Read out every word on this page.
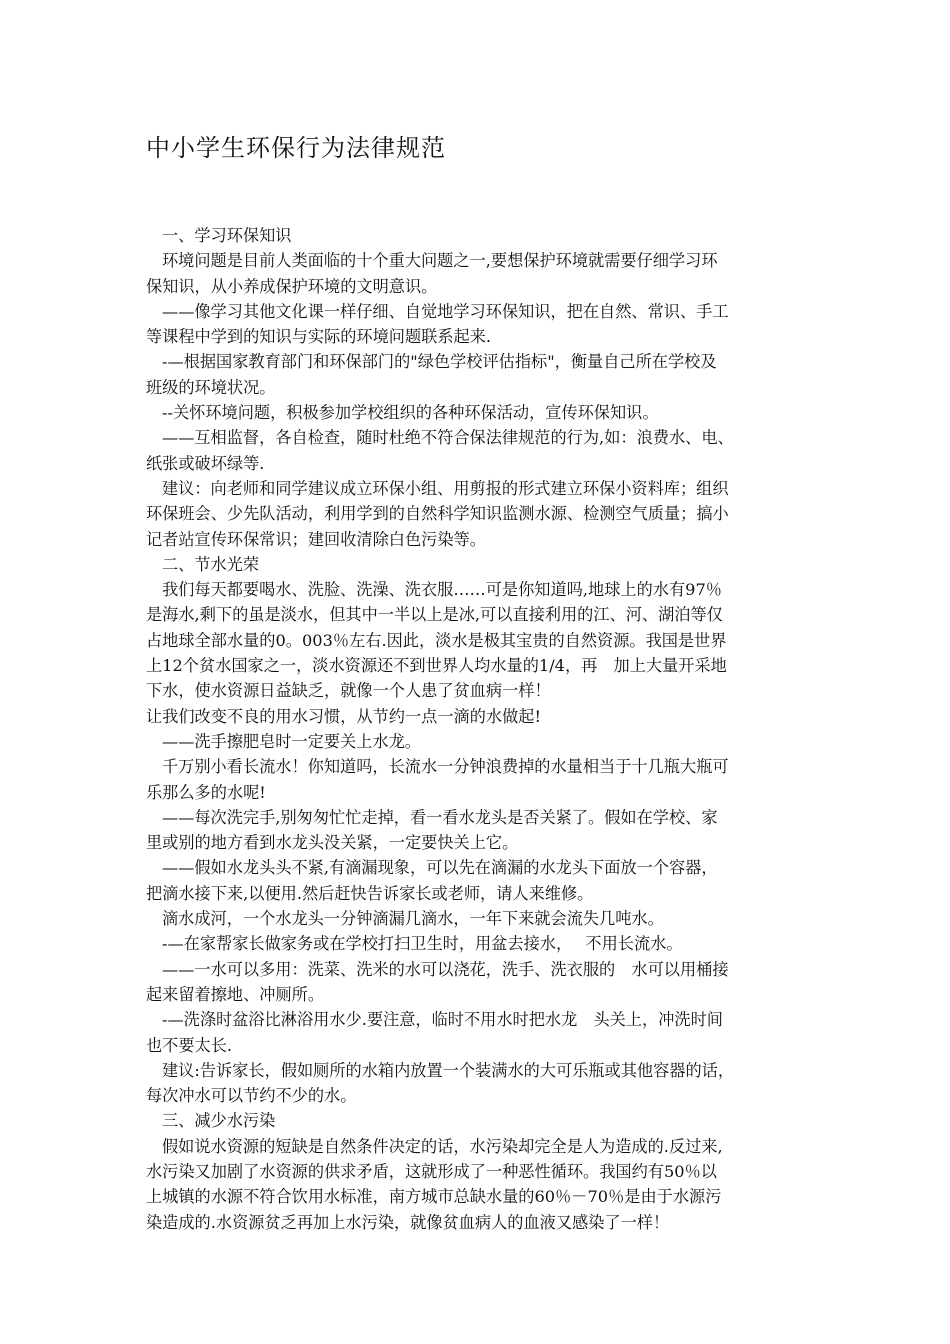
中小学生环保行为法律规范
一、学习环保知识
环境问题是目前人类面临的十个重大问题之一,要想保护环境就需要仔细学习环
保知识，从小养成保护环境的文明意识。
——像学习其他文化课一样仔细、自觉地学习环保知识，把在自然、常识、手工
等课程中学到的知识与实际的环境问题联系起来.
-—根据国家教育部门和环保部门的"绿色学校评估指标"，衡量自己所在学校及
班级的环境状况。
--关怀环境问题，积极参加学校组织的各种环保活动，宣传环保知识。
——互相监督，各自检查，随时杜绝不符合保法律规范的行为,如：浪费水、电、
纸张或破坏绿等.
建议：向老师和同学建议成立环保小组、用剪报的形式建立环保小资料库；组织
环保班会、少先队活动，利用学到的自然科学知识监测水源、检测空气质量；搞小
记者站宣传环保常识；建回收清除白色污染等。
二、节水光荣
我们每天都要喝水、洗脸、洗澡、洗衣服……可是你知道吗,地球上的水有97％
是海水,剩下的虽是淡水，但其中一半以上是冰,可以直接利用的江、河、湖泊等仅
占地球全部水量的0。003％左右.因此，淡水是极其宝贵的自然资源。我国是世界
上12个贫水国家之一，淡水资源还不到世界人均水量的1/4，再　加上大量开采地
下水，使水资源日益缺乏，就像一个人患了贫血病一样！
让我们改变不良的用水习惯，从节约一点一滴的水做起!
——洗手擦肥皂时一定要关上水龙。
千万别小看长流水！你知道吗，长流水一分钟浪费掉的水量相当于十几瓶大瓶可
乐那么多的水呢!
——每次洗完手,别匆匆忙忙走掉，看一看水龙头是否关紧了。假如在学校、家
里或别的地方看到水龙头没关紧，一定要快关上它。
——假如水龙头头不紧,有滴漏现象，可以先在滴漏的水龙头下面放一个容器，
把滴水接下来,以便用.然后赶快告诉家长或老师，请人来维修。
滴水成河，一个水龙头一分钟滴漏几滴水，一年下来就会流失几吨水。
-—在家帮家长做家务或在学校打扫卫生时，用盆去接水，　 不用长流水。
——一水可以多用：洗菜、洗米的水可以浇花，洗手、洗衣服的　水可以用桶接
起来留着擦地、冲厕所。
-—洗涤时盆浴比淋浴用水少.要注意，临时不用水时把水龙　头关上，冲洗时间
也不要太长.
建议:告诉家长，假如厕所的水箱内放置一个装满水的大可乐瓶或其他容器的话，
每次冲水可以节约不少的水。
三、减少水污染
假如说水资源的短缺是自然条件决定的话，水污染却完全是人为造成的.反过来,
水污染又加剧了水资源的供求矛盾，这就形成了一种恶性循环。我国约有50％以
上城镇的水源不符合饮用水标准，南方城市总缺水量的60％－70％是由于水源污
染造成的.水资源贫乏再加上水污染，就像贫血病人的血液又感染了一样！
